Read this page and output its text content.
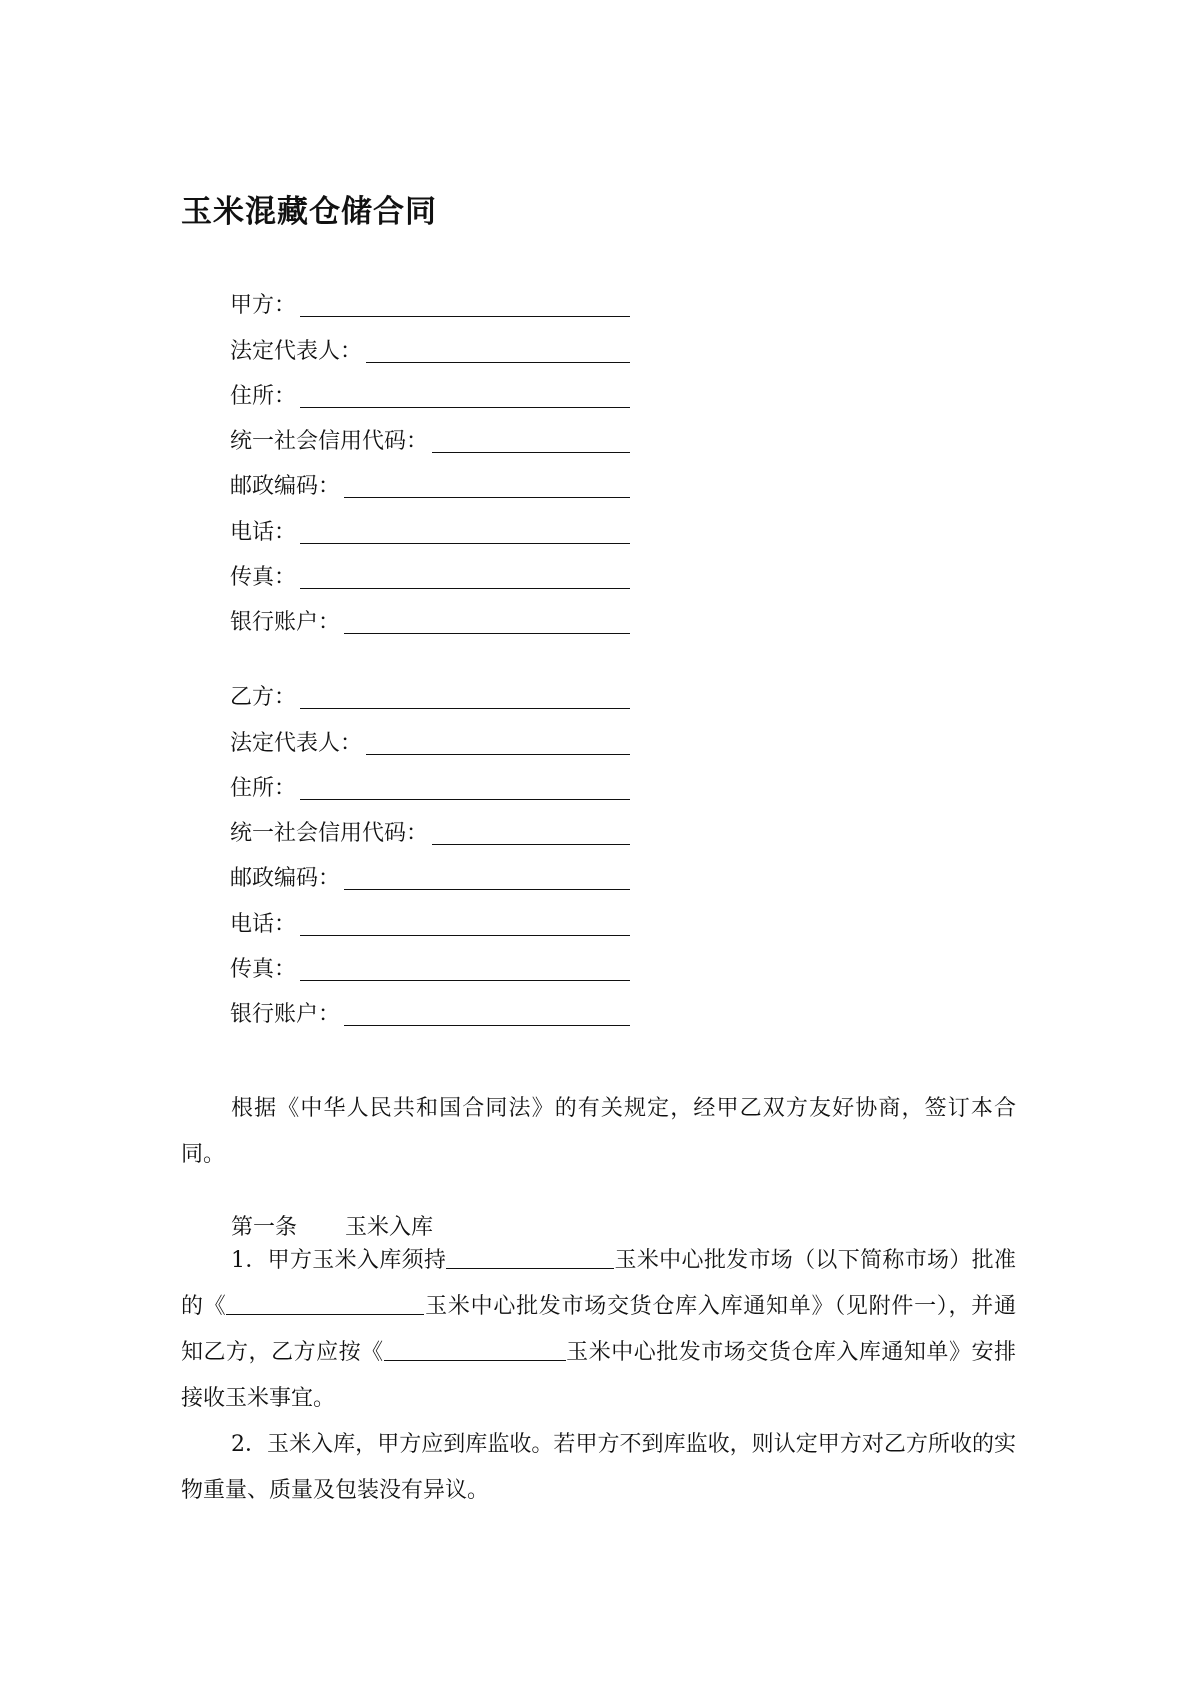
玉米混藏仓储合同
甲方：
法定代表人：
住所：
统一社会信用代码：
邮政编码：
电话：
传真：
银行账户：
乙方：
法定代表人：
住所：
统一社会信用代码：
邮政编码：
电话：
传真：
银行账户：

根据《中华人民共和国合同法》的有关规定，经甲乙双方友好协商，签订本合同。

第一条 玉米入库

1．甲方玉米入库须持	玉米中心批发市场（以下简称市场）批准的《	玉米中心批发市场交货仓库入库通知单》（见附件一），并通知乙方，乙方应按《	玉米中心批发市场交货仓库入库通知单》安排接收玉米事宜。

2．玉米入库，甲方应到库监收。若甲方不到库监收，则认定甲方对乙方所收的实物重量、质量及包装没有异议。
